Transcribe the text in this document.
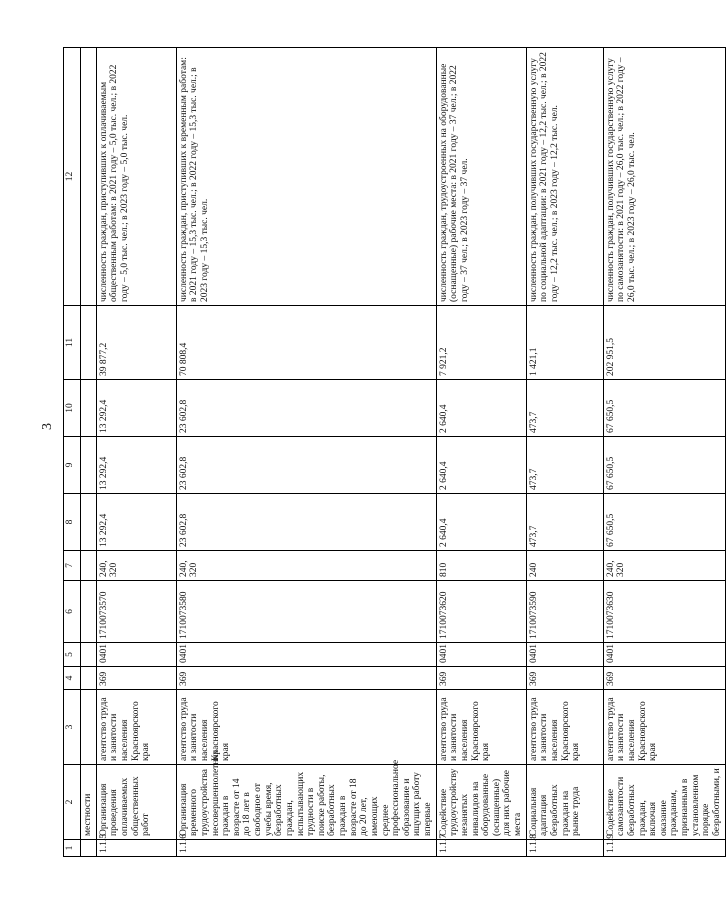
3
1	2	3	4	5	6	7	8	9	10	11	12
	местности										
1.1.5	Организация проведения оплачиваемых общественных работ	агентство труда и занятости населения Красноярского края	369	0401	1710073570	240, 320	13 292,4	13 292,4	13 292,4	39 877,2	численность граждан, приступивших к оплачиваемым общественным работам: в 2021 году – 5,0 тыс. чел.; в 2022 году – 5,0 тыс. чел.; в 2023 году – 5,0 тыс. чел.
1.1.6	Организация временного трудоустройства несовершеннолетних граждан в возрасте от 14 до 18 лет в свободное от учебы время, безработных граждан, испытывающих трудности в поиске работы, безработных граждан в возрасте от 18 до 20 лет, имеющих среднее профессиональное образование и ищущих работу впервые	агентство труда и занятости населения Красноярского края	369	0401	1710073580	240, 320	23 602,8	23 602,8	23 602,8	70 808,4	численность граждан, приступивших к временным работам: в 2021 году – 15,3 тыс. чел.; в 2022 году – 15,3 тыс. чел.; в 2023 году – 15,3 тыс. чел.
1.1.7	Содействие трудоустройству незанятых инвалидов на оборудованные (оснащенные) для них рабочие места	агентство труда и занятости населения Красноярского края	369	0401	1710073620	810	2 640,4	2 640,4	2 640,4	7 921,2	численность граждан, трудоустроенных на оборудованные (оснащенные) рабочие места: в 2021 году – 37 чел.; в 2022 году – 37 чел.; в 2023 году – 37 чел.
1.1.8	Социальная адаптация безработных граждан на рынке труда	агентство труда и занятости населения Красноярского края	369	0401	1710073590	240	473,7	473,7	473,7	1 421,1	численность граждан, получивших государственную услугу по социальной адаптации: в 2021 году – 12,2 тыс. чел.; в 2022 году – 12,2 тыс. чел.; в 2023 году – 12,2 тыс. чел.
1.1.9	Содействие самозанятости безработных граждан, включая оказание гражданам, признанным в установленном порядке безработными, и	агентство труда и занятости населения Красноярского края	369	0401	1710073630	240, 320	67 650,5	67 650,5	67 650,5	202 951,5	численность граждан, получивших государственную услугу по самозанятости: в 2021 году – 26,0 тыс. чел.; в 2022 году – 26,0 тыс. чел.; в 2023 году – 26,0 тыс. чел.
